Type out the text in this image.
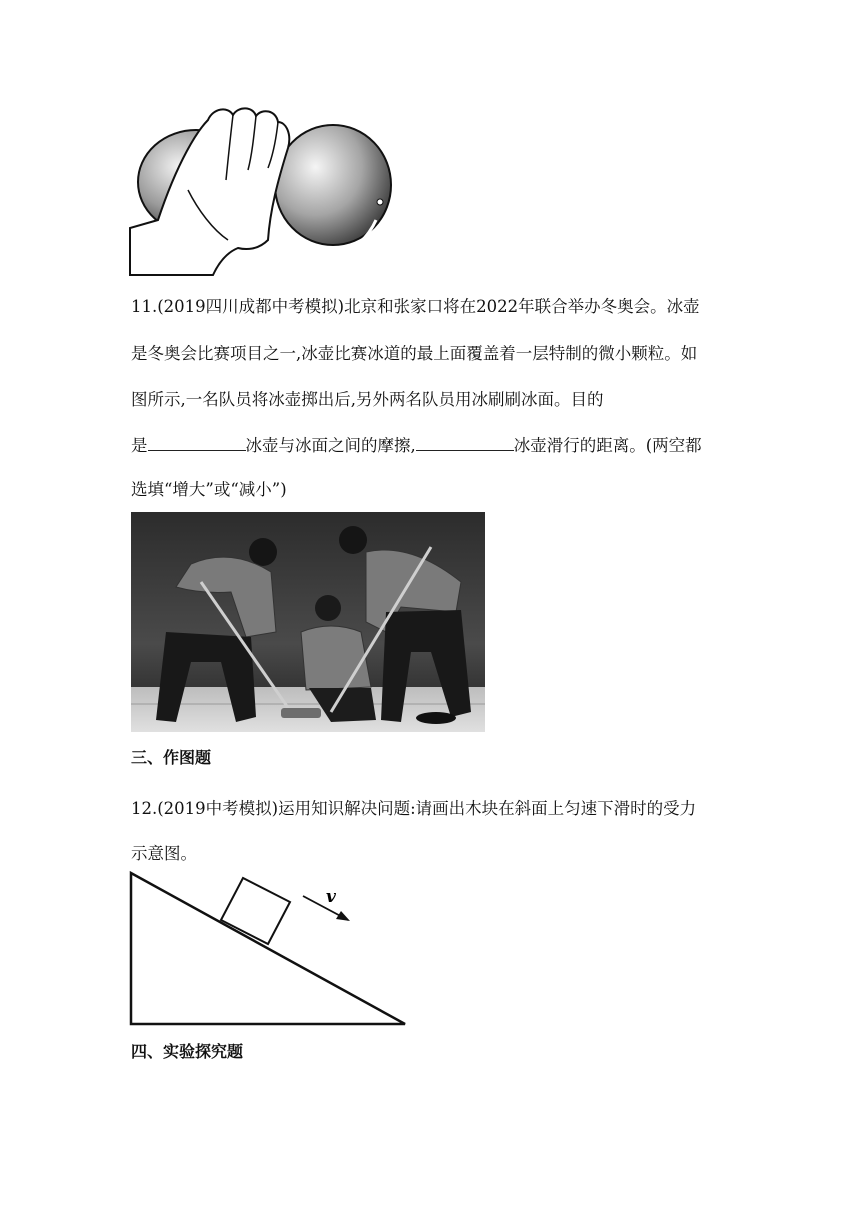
11.(2019四川成都中考模拟)北京和张家口将在2022年联合举办冬奥会。冰壶
是冬奥会比赛项目之一,冰壶比赛冰道的最上面覆盖着一层特制的微小颗粒。如
图所示,一名队员将冰壶掷出后,另外两名队员用冰刷刷冰面。目的
是	冰壶与冰面之间的摩擦,	冰壶滑行的距离。(两空都
选填“增大”或“减小”)
三、作图题
12.(2019中考模拟)运用知识解决问题:请画出木块在斜面上匀速下滑时的受力
示意图。
v
四、实验探究题
